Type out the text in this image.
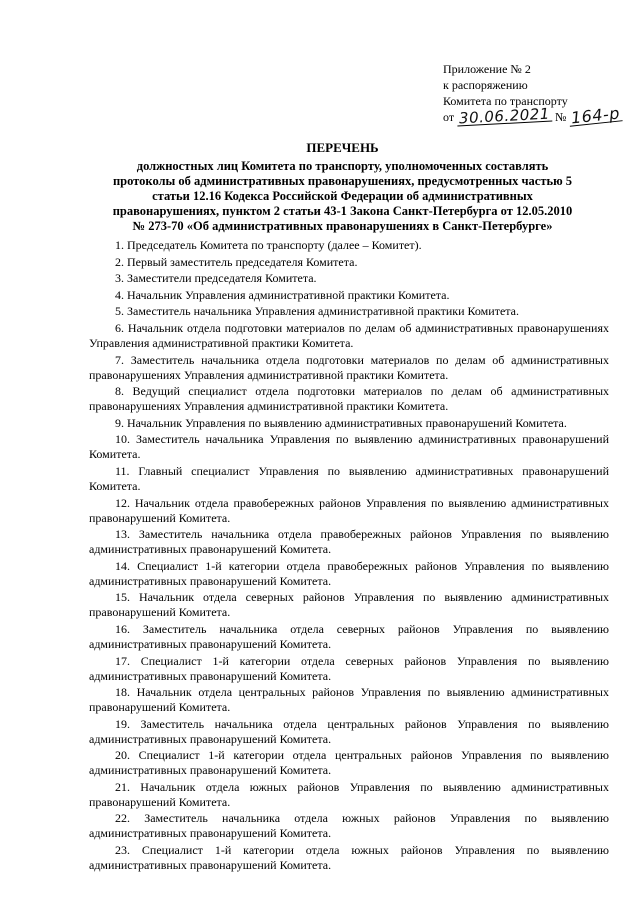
Приложение № 2
к распоряжению
Комитета по транспорту
от 30.06.2021 № 164-р
ПЕРЕЧЕНЬ
должностных лиц Комитета по транспорту, уполномоченных составлять протоколы об административных правонарушениях, предусмотренных частью 5 статьи 12.16 Кодекса Российской Федерации об административных правонарушениях, пунктом 2 статьи 43-1 Закона Санкт-Петербурга от 12.05.2010 № 273-70 «Об административных правонарушениях в Санкт-Петербурге»

1. Председатель Комитета по транспорту (далее – Комитет).

2. Первый заместитель председателя Комитета.

3. Заместители председателя Комитета.

4. Начальник Управления административной практики Комитета.

5. Заместитель начальника Управления административной практики Комитета.

6. Начальник отдела подготовки материалов по делам об административных правонарушениях Управления административной практики Комитета.

7. Заместитель начальника отдела подготовки материалов по делам об административных правонарушениях Управления административной практики Комитета.

8. Ведущий специалист отдела подготовки материалов по делам об административных правонарушениях Управления административной практики Комитета.

9. Начальник Управления по выявлению административных правонарушений Комитета.

10. Заместитель начальника Управления по выявлению административных правонарушений Комитета.

11. Главный специалист Управления по выявлению административных правонарушений Комитета.

12. Начальник отдела правобережных районов Управления по выявлению административных правонарушений Комитета.

13. Заместитель начальника отдела правобережных районов Управления по выявлению административных правонарушений Комитета.

14. Специалист 1-й категории отдела правобережных районов Управления по выявлению административных правонарушений Комитета.

15. Начальник отдела северных районов Управления по выявлению административных правонарушений Комитета.

16. Заместитель начальника отдела северных районов Управления по выявлению административных правонарушений Комитета.

17. Специалист 1-й категории отдела северных районов Управления по выявлению административных правонарушений Комитета.

18. Начальник отдела центральных районов Управления по выявлению административных правонарушений Комитета.

19. Заместитель начальника отдела центральных районов Управления по выявлению административных правонарушений Комитета.

20. Специалист 1-й категории отдела центральных районов Управления по выявлению административных правонарушений Комитета.

21. Начальник отдела южных районов Управления по выявлению административных правонарушений Комитета.

22. Заместитель начальника отдела южных районов Управления по выявлению административных правонарушений Комитета.

23. Специалист 1-й категории отдела южных районов Управления по выявлению административных правонарушений Комитета.
